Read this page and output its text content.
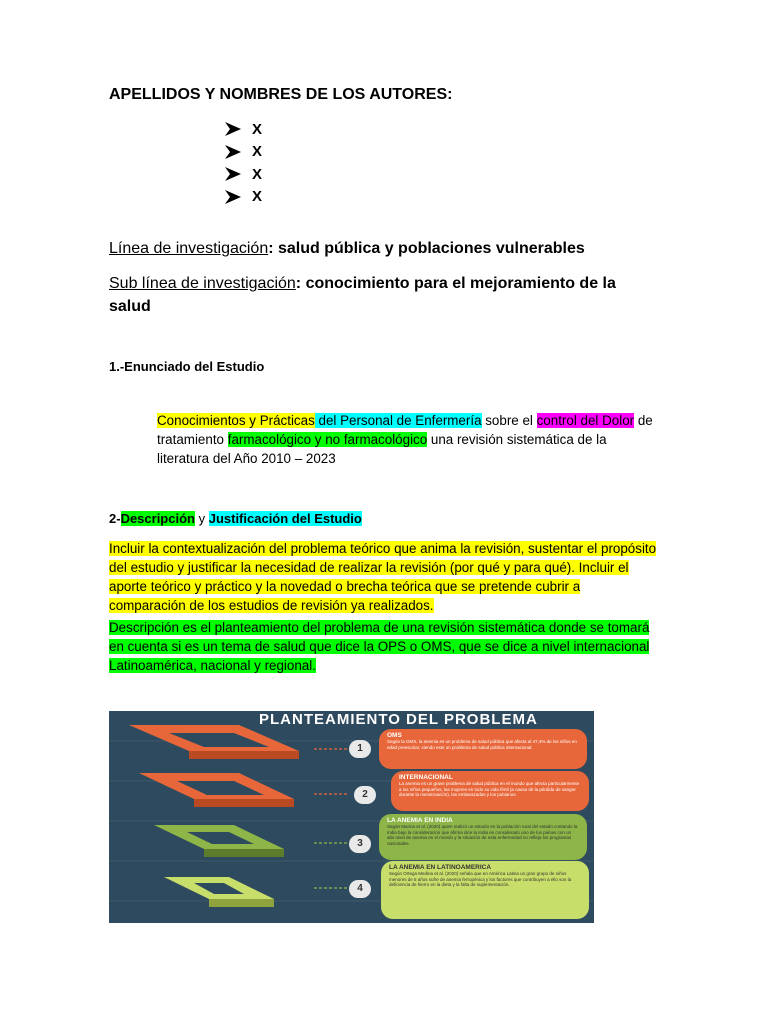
APELLIDOS Y NOMBRES DE LOS AUTORES:
X
X
X
X
Línea de investigación: salud pública y poblaciones vulnerables
Sub línea de investigación: conocimiento para el mejoramiento de la salud
1.-Enunciado del Estudio
Conocimientos y Prácticas del Personal de Enfermería sobre el control del Dolor de tratamiento farmacológico y no farmacológico una revisión sistemática de la literatura del Año 2010 – 2023
2-Descripción y Justificación del Estudio
Incluir la contextualización del problema teórico que anima la revisión, sustentar el propósito del estudio y justificar la necesidad de realizar la revisión (por qué y para qué). Incluir el aporte teórico y práctico y la novedad o brecha teórica que se pretende cubrir a comparación de los estudios de revisión ya realizados.
Descripción es el planteamiento del problema de una revisión sistemática donde se tomará en cuenta si es un tema de salud que dice la OPS o OMS, que se dice a nivel internacional Latinoamérica, nacional y regional.
PLANTEAMIENTO DEL PROBLEMA
1
2
3
4
OMS
Según la OMS, la anemia es un problema de salud pública que afecta al 47,4% de los niños en edad preescolar, siendo este un problema de salud pública internacional.
INTERNACIONAL
La anemia es un grave problema de salud pública en el mundo que afecta particularmente a los niños pequeños, las mujeres en todo su vida fértil (a causa de la pérdida de sangre durante la menstruación), las embarazadas y los pubianos.
LA ANEMIA EN INDIA
Según Marina et al. (2020) quien realizó un estudio en la población rural del estado contando la India bajo la consideración que afirma dice la India es considerado uno de los países con un alto nivel de anemia en el mundo y la situación de esta enfermedad no refleja los programas nacionales.
LA ANEMIA EN LATINOAMERICA
Según Ortega Medina et al. (2020) señala que en América Latina un gran grupo de niños menores de 5 años sufre de anemia ferropénica y los factores que contribuyen a ello son la deficiencia de hierro en la dieta y la falta de suplementación.
